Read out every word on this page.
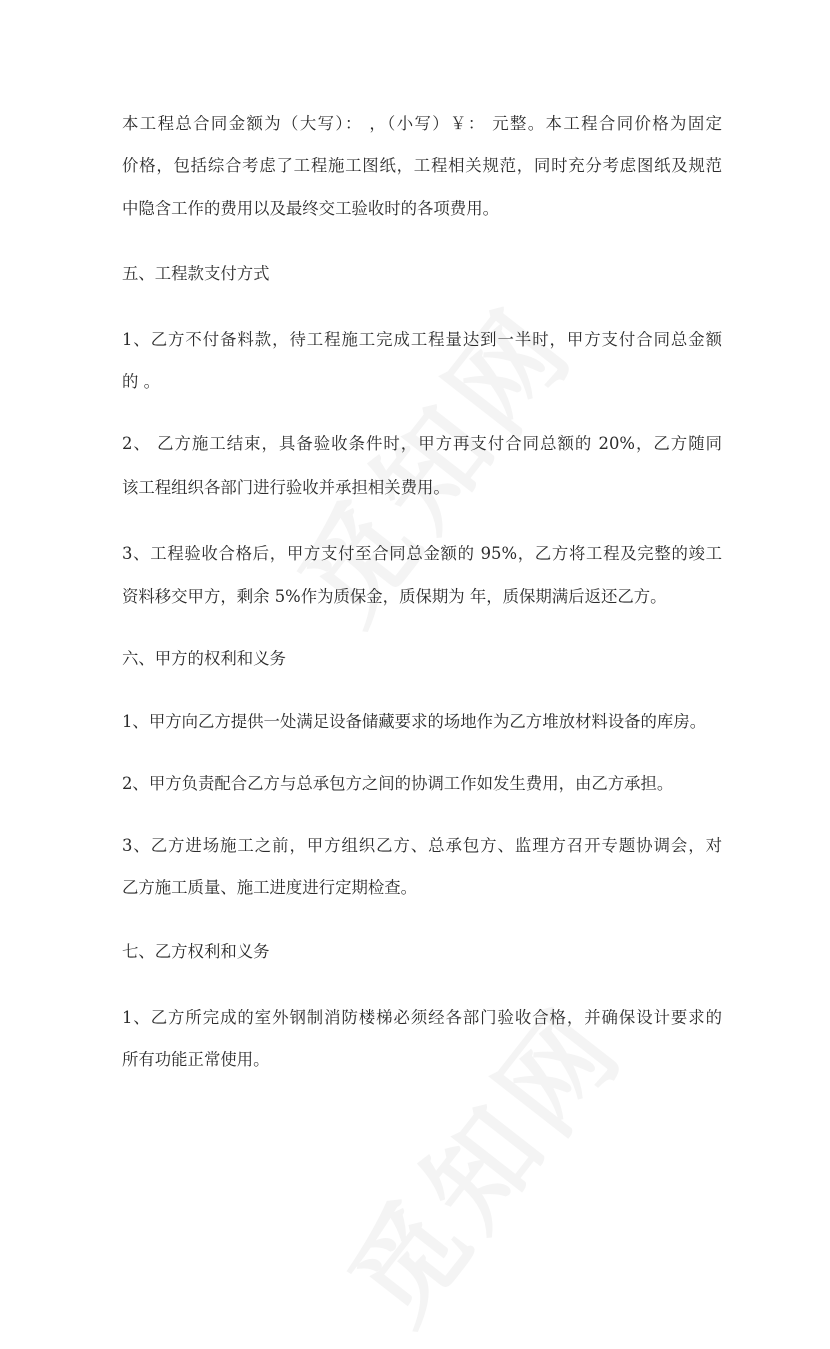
本工程总合同金额为（大写）： ，（小写）￥： 元整。本工程合同价格为固定
价格，包括综合考虑了工程施工图纸，工程相关规范，同时充分考虑图纸及规范
中隐含工作的费用以及最终交工验收时的各项费用。
五、工程款支付方式
1、乙方不付备料款，待工程施工完成工程量达到一半时，甲方支付合同总金额
的 。
2、 乙方施工结束，具备验收条件时，甲方再支付合同总额的 20%，乙方随同
该工程组织各部门进行验收并承担相关费用。
3、工程验收合格后，甲方支付至合同总金额的 95%，乙方将工程及完整的竣工
资料移交甲方，剩余 5%作为质保金，质保期为 年，质保期满后返还乙方。
六、甲方的权利和义务
1、甲方向乙方提供一处满足设备储藏要求的场地作为乙方堆放材料设备的库房。
2、甲方负责配合乙方与总承包方之间的协调工作如发生费用，由乙方承担。
3、乙方进场施工之前，甲方组织乙方、总承包方、监理方召开专题协调会，对
乙方施工质量、施工进度进行定期检查。
七、乙方权利和义务
1、乙方所完成的室外钢制消防楼梯必须经各部门验收合格，并确保设计要求的
所有功能正常使用。
